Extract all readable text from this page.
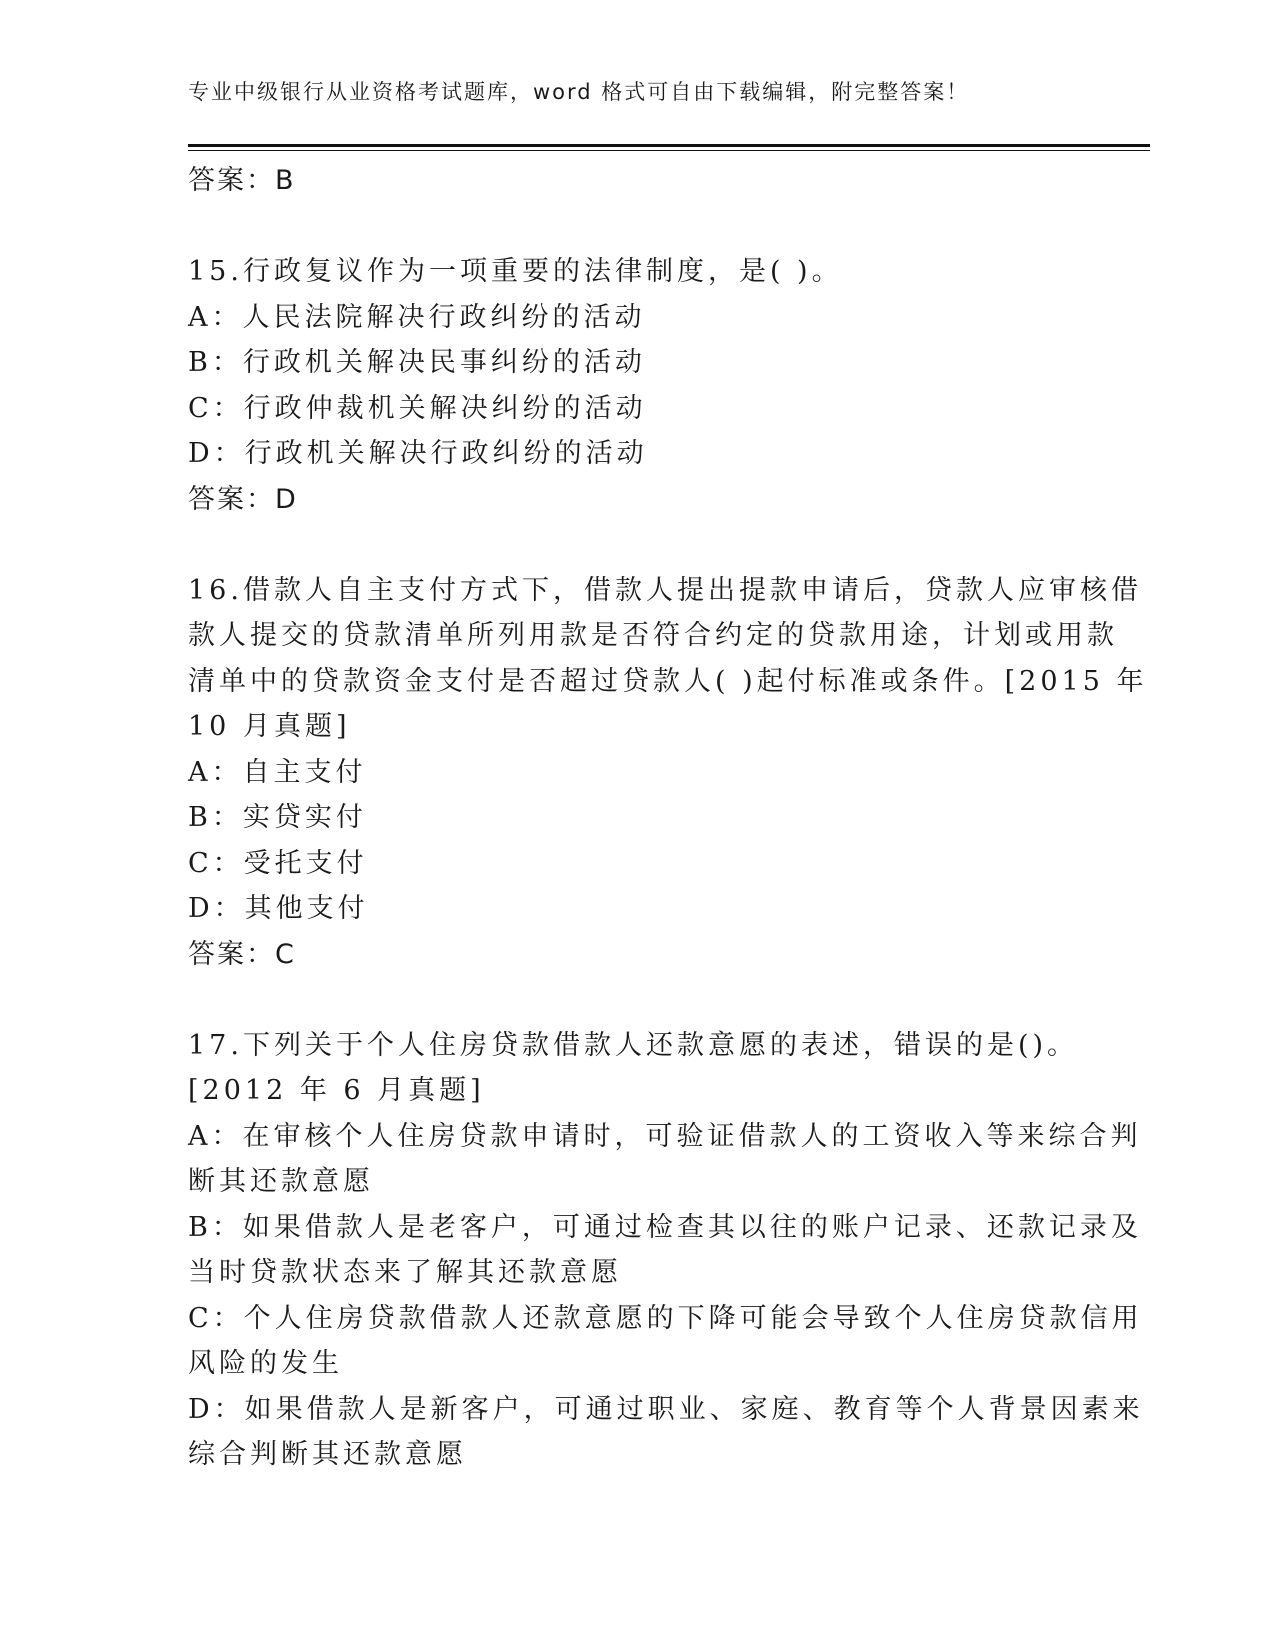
专业中级银行从业资格考试题库，word 格式可自由下载编辑，附完整答案！
答案：B
15.行政复议作为一项重要的法律制度，是( )。
A：人民法院解决行政纠纷的活动
B：行政机关解决民事纠纷的活动
C：行政仲裁机关解决纠纷的活动
D：行政机关解决行政纠纷的活动
答案：D
16.借款人自主支付方式下，借款人提出提款申请后，贷款人应审核借
款人提交的贷款清单所列用款是否符合约定的贷款用途，计划或用款
清单中的贷款资金支付是否超过贷款人( )起付标准或条件。[2015 年
10 月真题]
A：自主支付
B：实贷实付
C：受托支付
D：其他支付
答案：C
17.下列关于个人住房贷款借款人还款意愿的表述，错误的是()。
[2012 年 6 月真题]
A：在审核个人住房贷款申请时，可验证借款人的工资收入等来综合判
断其还款意愿
B：如果借款人是老客户，可通过检查其以往的账户记录、还款记录及
当时贷款状态来了解其还款意愿
C：个人住房贷款借款人还款意愿的下降可能会导致个人住房贷款信用
风险的发生
D：如果借款人是新客户，可通过职业、家庭、教育等个人背景因素来
综合判断其还款意愿
